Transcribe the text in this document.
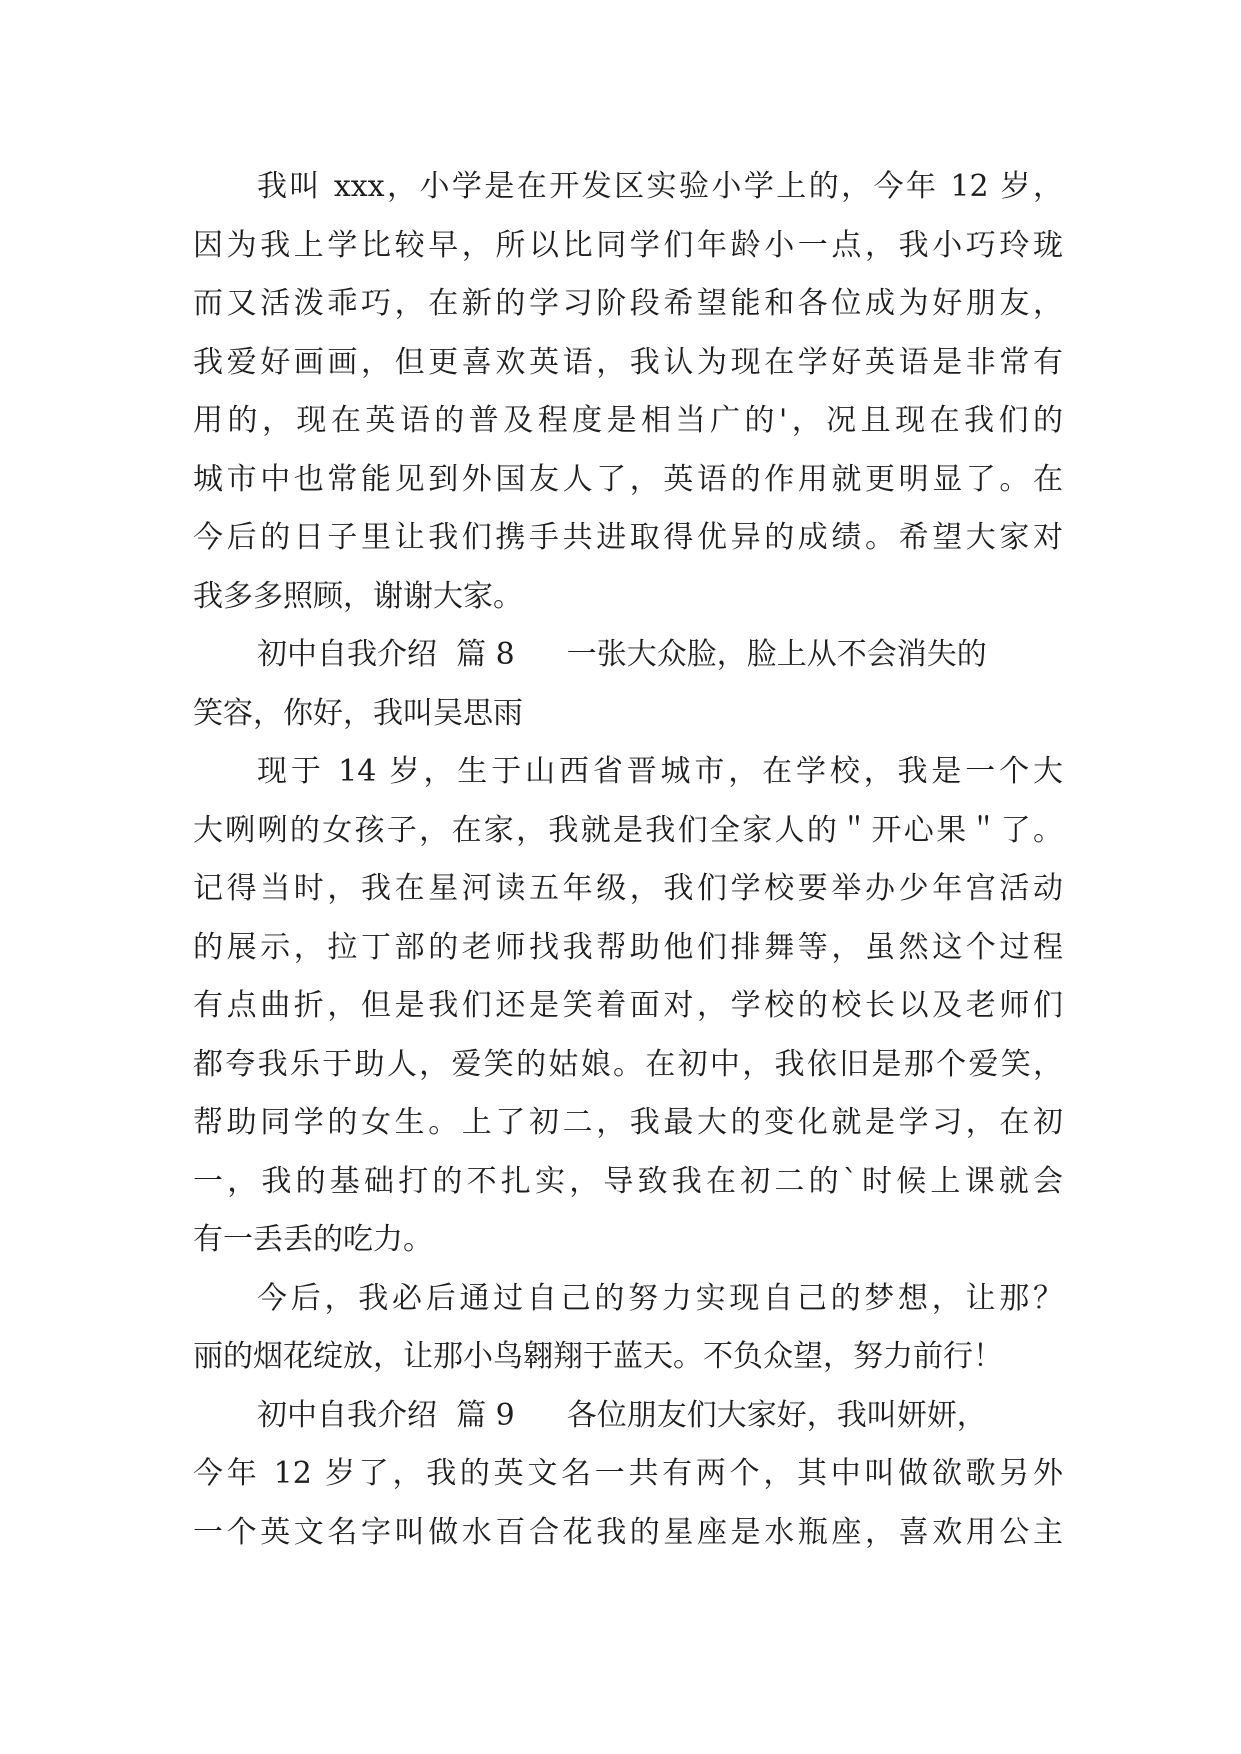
我叫 xxx，小学是在开发区实验小学上的，今年 12 岁，
因为我上学比较早，所以比同学们年龄小一点，我小巧玲珑
而又活泼乖巧，在新的学习阶段希望能和各位成为好朋友，
我爱好画画，但更喜欢英语，我认为现在学好英语是非常有
用的，现在英语的普及程度是相当广的'，况且现在我们的
城市中也常能见到外国友人了，英语的作用就更明显了。在
今后的日子里让我们携手共进取得优异的成绩。希望大家对
我多多照顾，谢谢大家。
初中自我介绍  篇 8 一张大众脸，脸上从不会消失的
笑容，你好，我叫吴思雨
现于 14 岁，生于山西省晋城市，在学校，我是一个大
大咧咧的女孩子，在家，我就是我们全家人的＂开心果＂了。
记得当时，我在星河读五年级，我们学校要举办少年宫活动
的展示，拉丁部的老师找我帮助他们排舞等，虽然这个过程
有点曲折，但是我们还是笑着面对，学校的校长以及老师们
都夸我乐于助人，爱笑的姑娘。在初中，我依旧是那个爱笑，
帮助同学的女生。上了初二，我最大的变化就是学习，在初
一，我的基础打的不扎实，导致我在初二的`时候上课就会
有一丢丢的吃力。
今后，我必后通过自己的努力实现自己的梦想，让那？
丽的烟花绽放，让那小鸟翱翔于蓝天。不负众望，努力前行！
初中自我介绍  篇 9 各位朋友们大家好，我叫妍妍，
今年 12 岁了，我的英文名一共有两个，其中叫做欲歌另外
一个英文名字叫做水百合花我的星座是水瓶座，喜欢用公主
